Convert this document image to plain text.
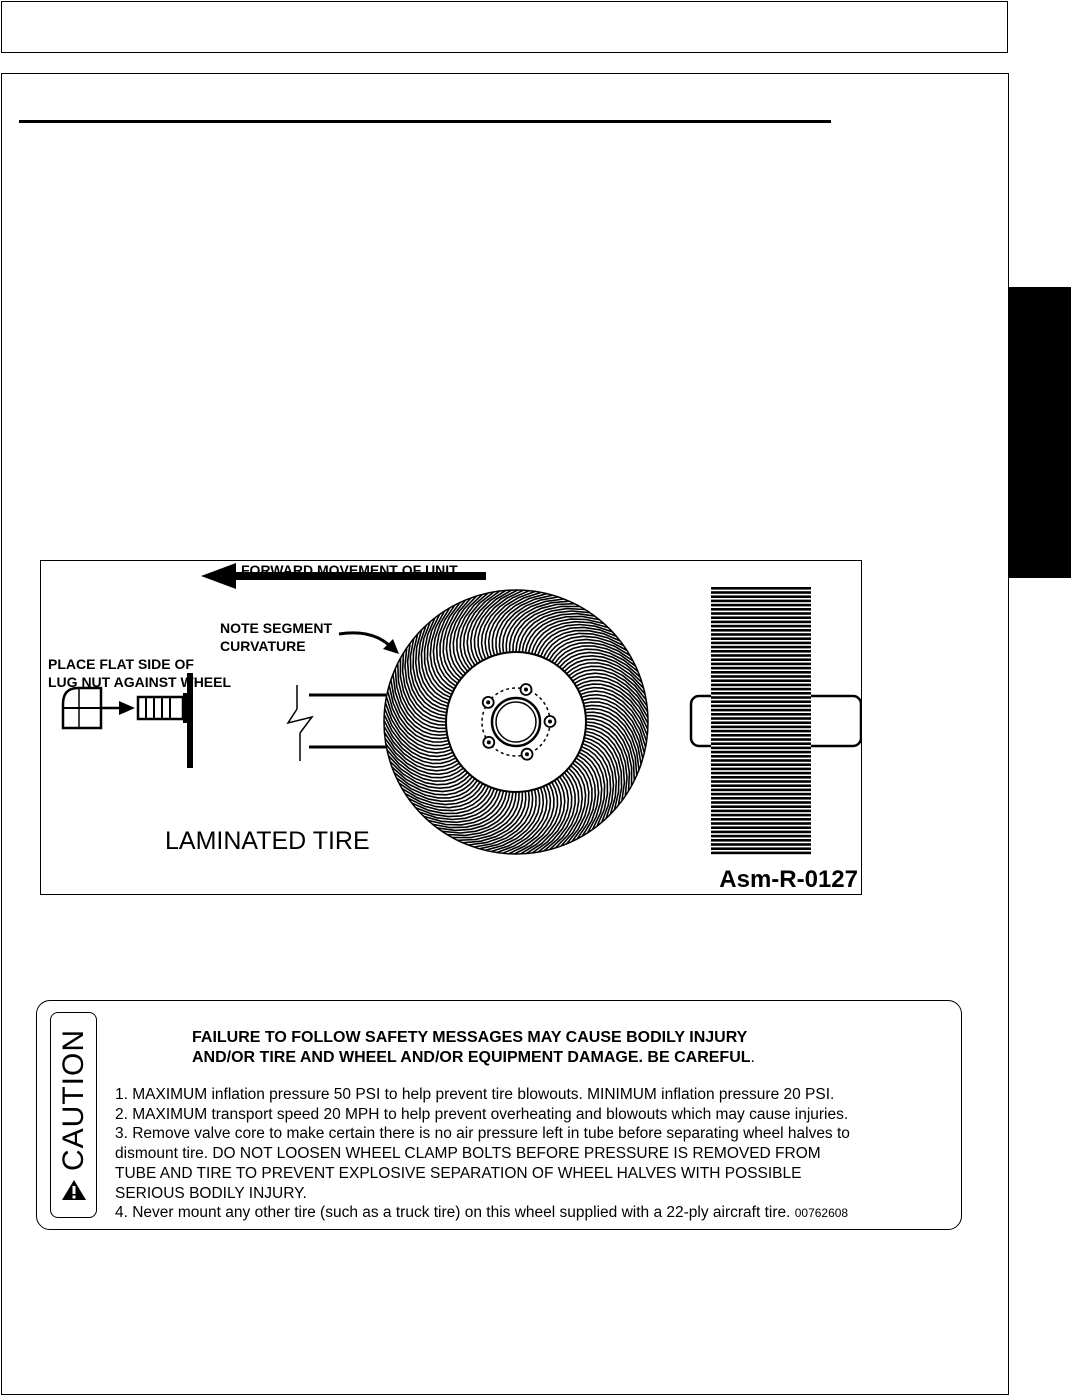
FORWARD MOVEMENT OF UNIT
NOTE SEGMENT
CURVATURE
PLACE FLAT SIDE OF
LUG NUT AGAINST WHEEL
LAMINATED TIRE
Asm-R-0127
CAUTION	FAILURE TO FOLLOW SAFETY MESSAGES MAY CAUSE BODILY INJURY
AND/OR TIRE AND WHEEL AND/OR EQUIPMENT DAMAGE. BE CAREFUL.
1. MAXIMUM inflation pressure 50 PSI to help prevent tire blowouts. MINIMUM inflation pressure 20 PSI.
2. MAXIMUM transport speed 20 MPH to help prevent overheating and blowouts which may cause injuries.
3. Remove valve core to make certain there is no air pressure left in tube before separating wheel halves to
dismount tire. DO NOT LOOSEN WHEEL CLAMP BOLTS BEFORE PRESSURE IS REMOVED FROM
TUBE AND TIRE TO PREVENT EXPLOSIVE SEPARATION OF WHEEL HALVES WITH POSSIBLE
SERIOUS BODILY INJURY.
4. Never mount any other tire (such as a truck tire) on this wheel supplied with a 22-ply aircraft tire. 00762608
